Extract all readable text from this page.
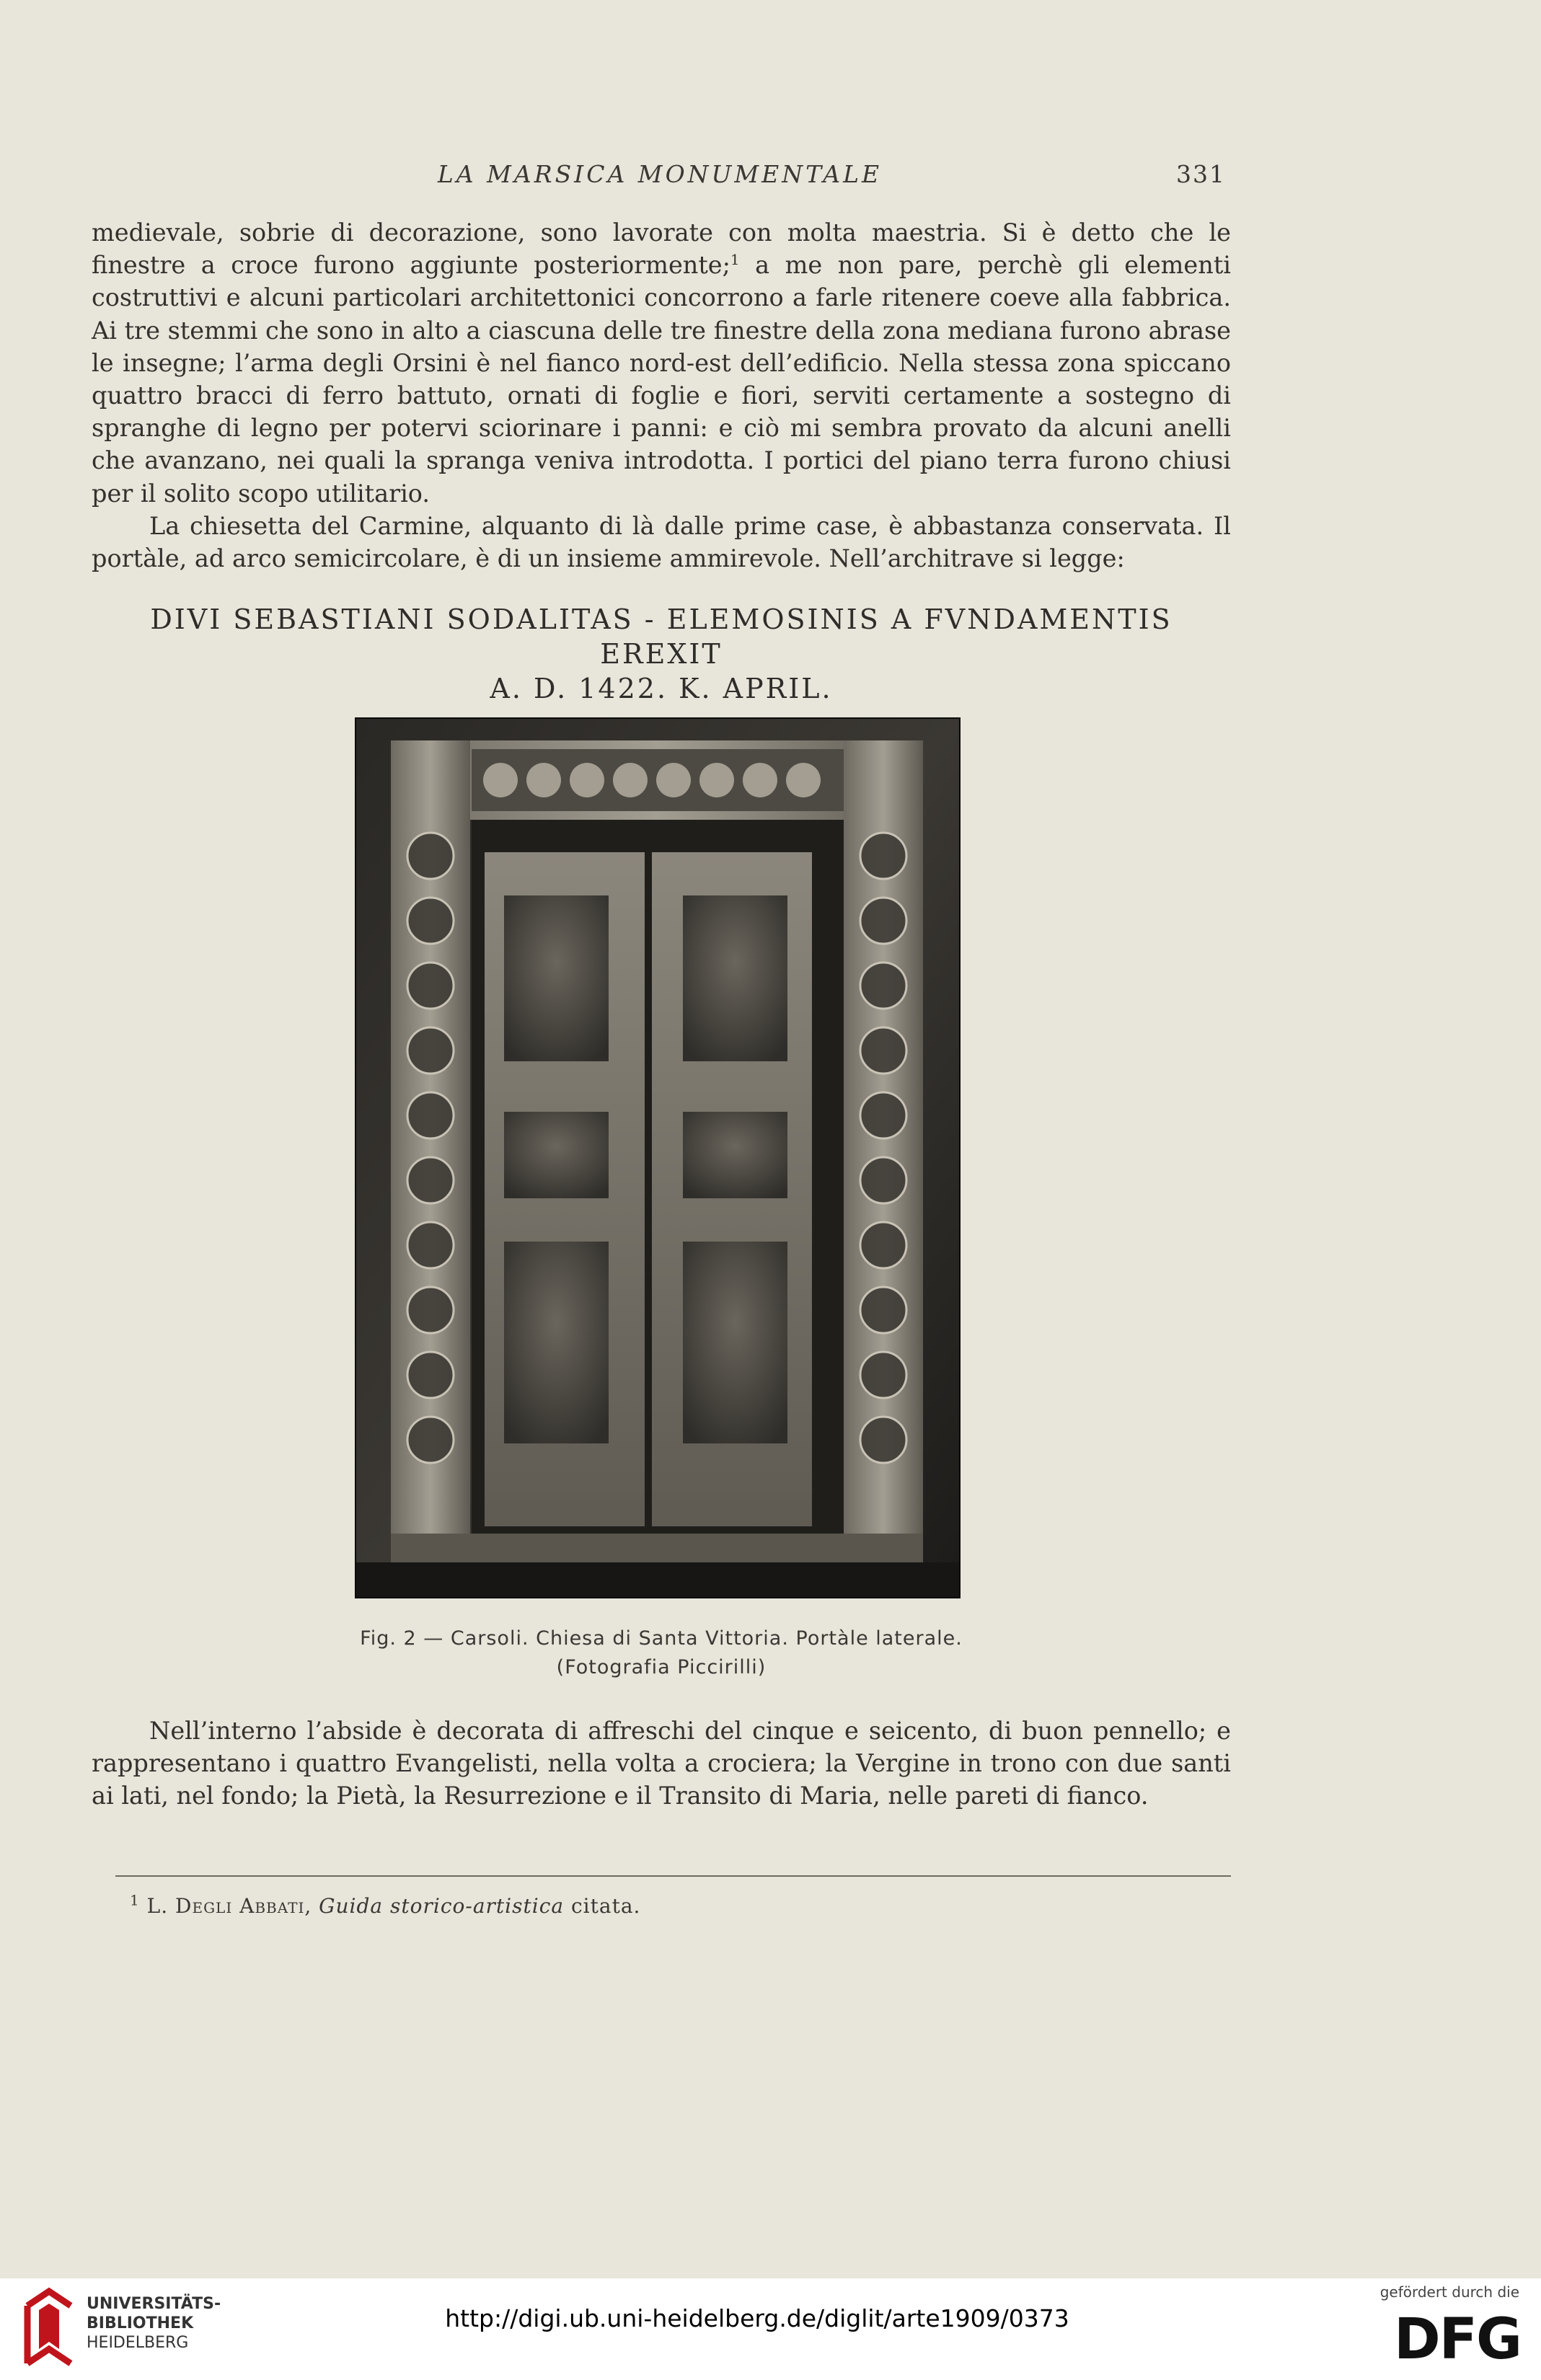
LA MARSICA MONUMENTALE	331

medievale, sobrie di decorazione, sono lavorate con molta maestria. Si è detto che le finestre a croce furono aggiunte posteriormente;$^1$ a me non pare, perchè gli elementi costruttivi e alcuni particolari architettonici concorrono a farle ritenere coeve alla fabbrica. Ai tre stemmi che sono in alto a ciascuna delle tre finestre della zona mediana furono abrase le insegne; l’arma degli Orsini è nel fianco nord-est dell’edificio. Nella stessa zona spiccano quattro bracci di ferro battuto, ornati di foglie e fiori, serviti certamente a sostegno di spranghe di legno per potervi sciorinare i panni: e ciò mi sembra provato da alcuni anelli che avanzano, nei quali la spranga veniva introdotta. I portici del piano terra furono chiusi per il solito scopo utilitario.

La chiesetta del Carmine, alquanto di là dalle prime case, è abbastanza conservata. Il portàle, ad arco semicircolare, è di un insieme ammirevole. Nell’architrave si legge:

DIVI SEBASTIANI SODALITAS - ELEMOSINIS A FVNDAMENTIS EREXIT
A. D. 1422. K. APRIL.
Fig. 2 — Carsoli. Chiesa di Santa Vittoria. Portàle laterale.
(Fotografia Piccirilli)

Nell’interno l’abside è decorata di affreschi del cinque e seicento, di buon pennello; e rappresentano i quattro Evangelisti, nella volta a crociera; la Vergine in trono con due santi ai lati, nel fondo; la Pietà, la Resurrezione e il Transito di Maria, nelle pareti di fianco.

$^1$ L. Degli Abbati, Guida storico-artistica citata.
UNIVERSITÄTS-
BIBLIOTHEK
HEIDELBERG
http://digi.ub.uni-heidelberg.de/diglit/arte1909/0373
gefördert durch die
DFG
